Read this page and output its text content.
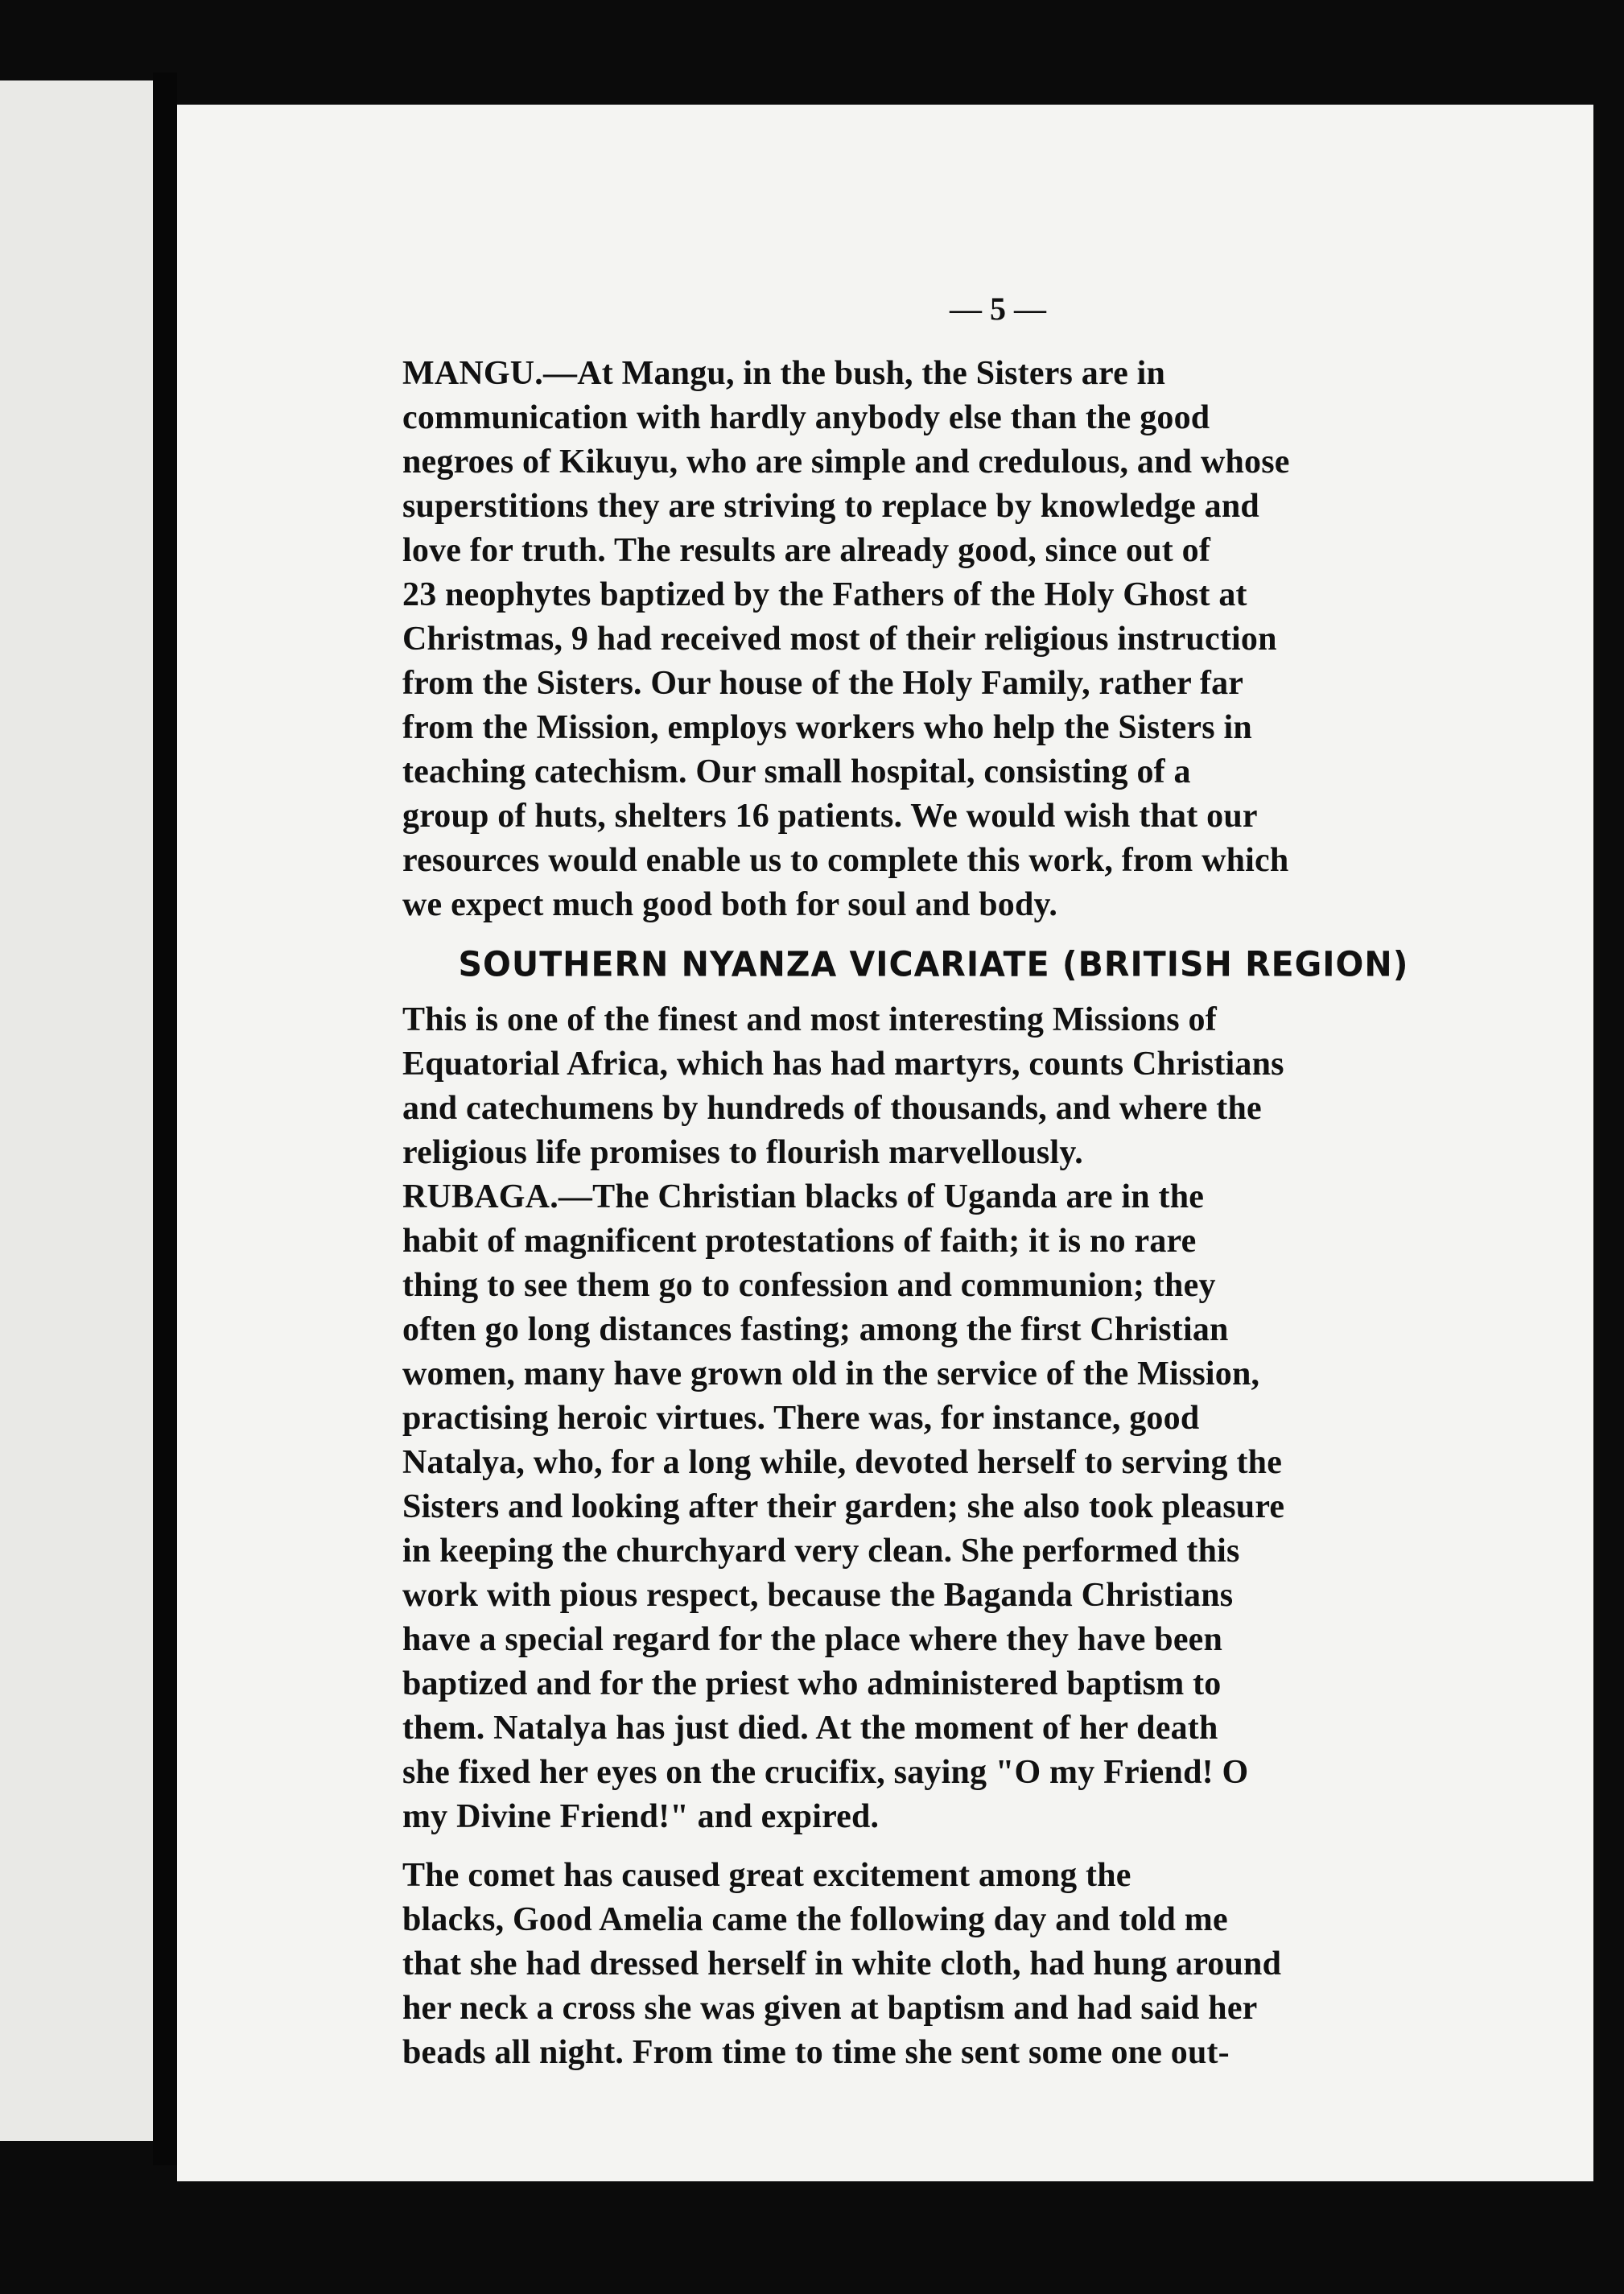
— 5 —

MANGU.—At Mangu, in the bush, the Sisters are in
communication with hardly anybody else than the good
negroes of Kikuyu, who are simple and credulous, and whose
superstitions they are striving to replace by knowledge and
love for truth. The results are already good, since out of
23 neophytes baptized by the Fathers of the Holy Ghost at
Christmas, 9 had received most of their religious instruction
from the Sisters. Our house of the Holy Family, rather far
from the Mission, employs workers who help the Sisters in
teaching catechism. Our small hospital, consisting of a
group of huts, shelters 16 patients. We would wish that our
resources would enable us to complete this work, from which
we expect much good both for soul and body.

SOUTHERN NYANZA VICARIATE (BRITISH REGION)

This is one of the finest and most interesting Missions of
Equatorial Africa, which has had martyrs, counts Christians
and catechumens by hundreds of thousands, and where the
religious life promises to flourish marvellously.

RUBAGA.—The Christian blacks of Uganda are in the
habit of magnificent protestations of faith; it is no rare
thing to see them go to confession and communion; they
often go long distances fasting; among the first Christian
women, many have grown old in the service of the Mission,
practising heroic virtues. There was, for instance, good
Natalya, who, for a long while, devoted herself to serving the
Sisters and looking after their garden; she also took pleasure
in keeping the churchyard very clean. She performed this
work with pious respect, because the Baganda Christians
have a special regard for the place where they have been
baptized and for the priest who administered baptism to
them. Natalya has just died. At the moment of her death
she fixed her eyes on the crucifix, saying "O my Friend! O
my Divine Friend!" and expired.

The comet has caused great excitement among the
blacks, Good Amelia came the following day and told me
that she had dressed herself in white cloth, had hung around
her neck a cross she was given at baptism and had said her
beads all night. From time to time she sent some one out-
